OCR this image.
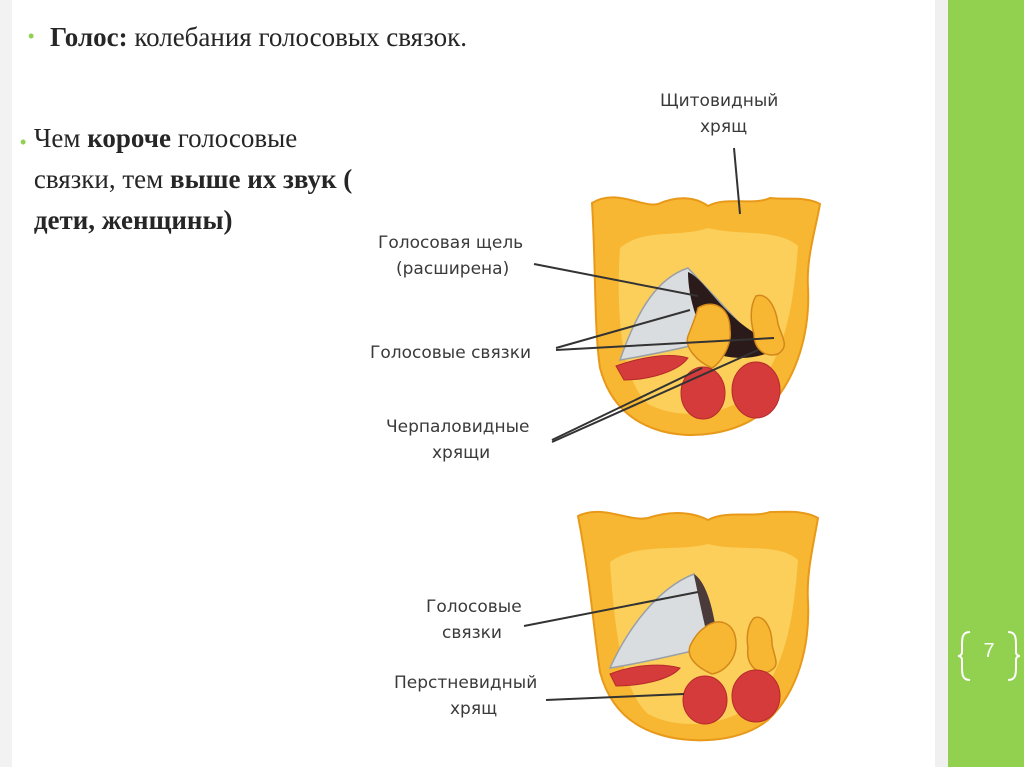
• Голос: колебания голосовых связок.
• Чем короче голосовые связки, тем выше их звук ( дети, женщины)
Щитовидный
хрящ
Голосовая щель
(расширена)
Голосовые связки
Черпаловидные
хрящи
Голосовые
связки
Перстневидный
хрящ
7
